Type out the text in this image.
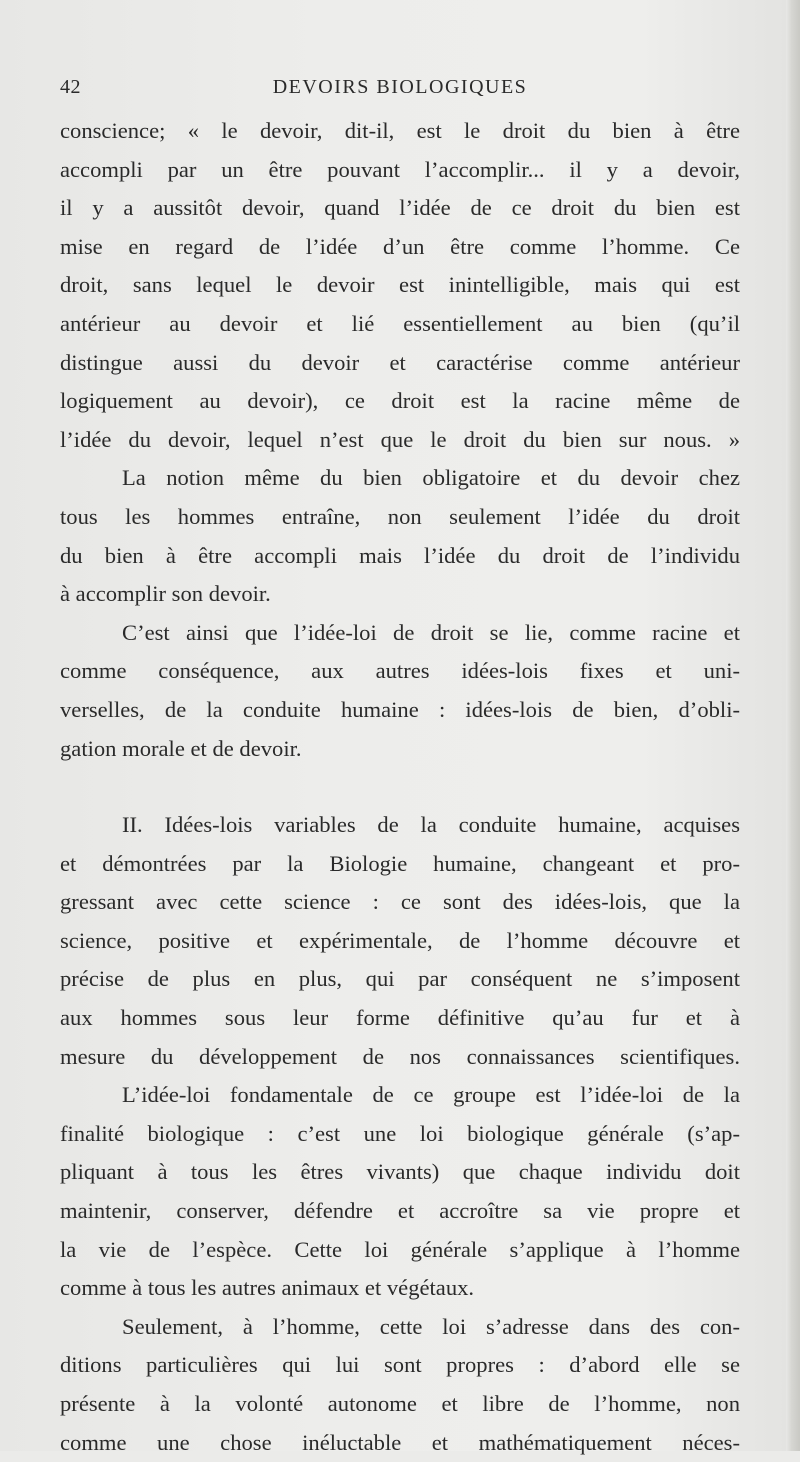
42	DEVOIRS BIOLOGIQUES
conscience; « le devoir, dit-il, est le droit du bien à être
accompli par un être pouvant l’accomplir... il y a devoir,
il y a aussitôt devoir, quand l’idée de ce droit du bien est
mise en regard de l’idée d’un être comme l’homme. Ce
droit, sans lequel le devoir est inintelligible, mais qui est
antérieur au devoir et lié essentiellement au bien (qu’il
distingue aussi du devoir et caractérise comme antérieur
logiquement au devoir), ce droit est la racine même de
l’idée du devoir, lequel n’est que le droit du bien sur nous. »
La notion même du bien obligatoire et du devoir chez
tous les hommes entraîne, non seulement l’idée du droit
du bien à être accompli mais l’idée du droit de l’individu
à accomplir son devoir.
C’est ainsi que l’idée-loi de droit se lie, comme racine et
comme conséquence, aux autres idées-lois fixes et uni-
verselles, de la conduite humaine : idées-lois de bien, d’obli-
gation morale et de devoir.
II. Idées-lois variables de la conduite humaine, acquises
et démontrées par la Biologie humaine, changeant et pro-
gressant avec cette science : ce sont des idées-lois, que la
science, positive et expérimentale, de l’homme découvre et
précise de plus en plus, qui par conséquent ne s’imposent
aux hommes sous leur forme définitive qu’au fur et à
mesure du développement de nos connaissances scientifiques.
L’idée-loi fondamentale de ce groupe est l’idée-loi de la
finalité biologique : c’est une loi biologique générale (s’ap-
pliquant à tous les êtres vivants) que chaque individu doit
maintenir, conserver, défendre et accroître sa vie propre et
la vie de l’espèce. Cette loi générale s’applique à l’homme
comme à tous les autres animaux et végétaux.
Seulement, à l’homme, cette loi s’adresse dans des con-
ditions particulières qui lui sont propres : d’abord elle se
présente à la volonté autonome et libre de l’homme, non
comme une chose inéluctable et mathématiquement néces-
